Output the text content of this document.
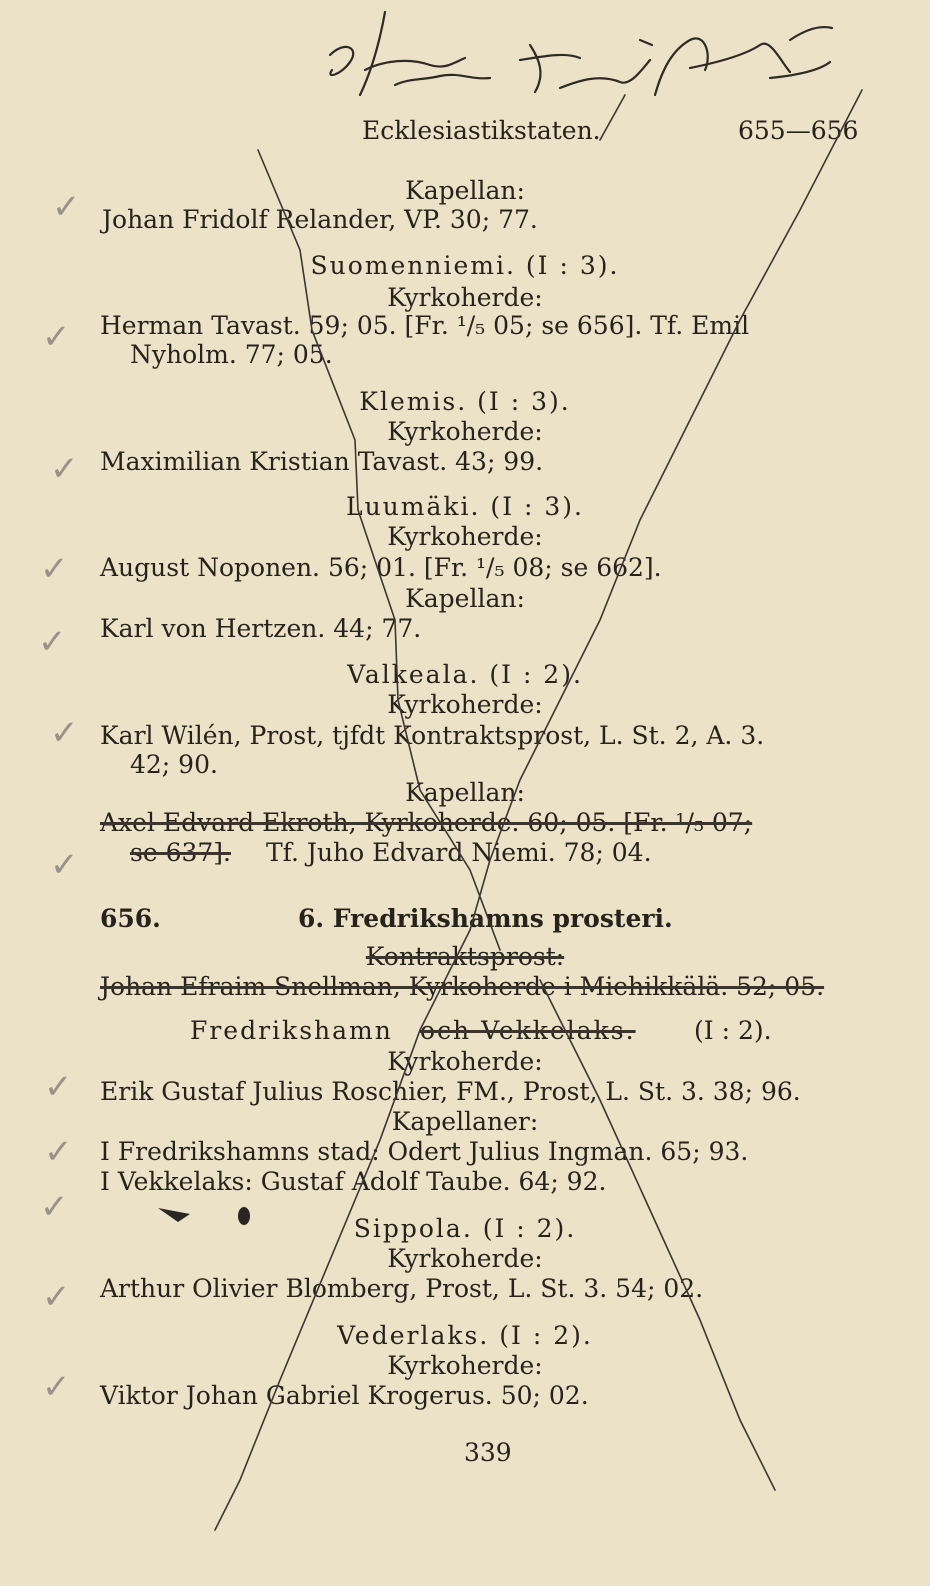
Ecklesiastikstaten.	655—656
Kapellan:
Johan Fridolf Relander, VP. 30; 77.
Suomenniemi. (I : 3).
Kyrkoherde:
Herman Tavast. 59; 05. [Fr. ¹/₅ 05; se 656]. Tf. Emil
Nyholm. 77; 05.
Klemis. (I : 3).
Kyrkoherde:
Maximilian Kristian Tavast. 43; 99.
Luumäki. (I : 3).
Kyrkoherde:
August Noponen. 56; 01. [Fr. ¹/₅ 08; se 662].
Kapellan:
Karl von Hertzen. 44; 77.
Valkeala. (I : 2).
Kyrkoherde:
Karl Wilén, Prost, tjfdt Kontraktsprost, L. St. 2, A. 3.
42; 90.
Kapellan:
Axel Edvard Ekroth, Kyrkoherde. 60; 05. [Fr. ¹/₅ 07;
se 637]. Tf. Juho Edvard Niemi. 78; 04.
656.	6. Fredrikshamns prosteri.
Kontraktsprost:
Johan Efraim Snellman, Kyrkoherde i Miehikkälä. 52; 05.
Fredrikshamn och Vekkelaks. (I : 2).
Kyrkoherde:
Erik Gustaf Julius Roschier, FM., Prost, L. St. 3. 38; 96.
Kapellaner:
I Fredrikshamns stad: Odert Julius Ingman. 65; 93.
I Vekkelaks: Gustaf Adolf Taube. 64; 92.
Sippola. (I : 2).
Kyrkoherde:
Arthur Olivier Blomberg, Prost, L. St. 3. 54; 02.
Vederlaks. (I : 2).
Kyrkoherde:
Viktor Johan Gabriel Krogerus. 50; 02.
339
✓
✓
✓
✓
✓
✓
✓
✓
✓
✓
✓
✓
